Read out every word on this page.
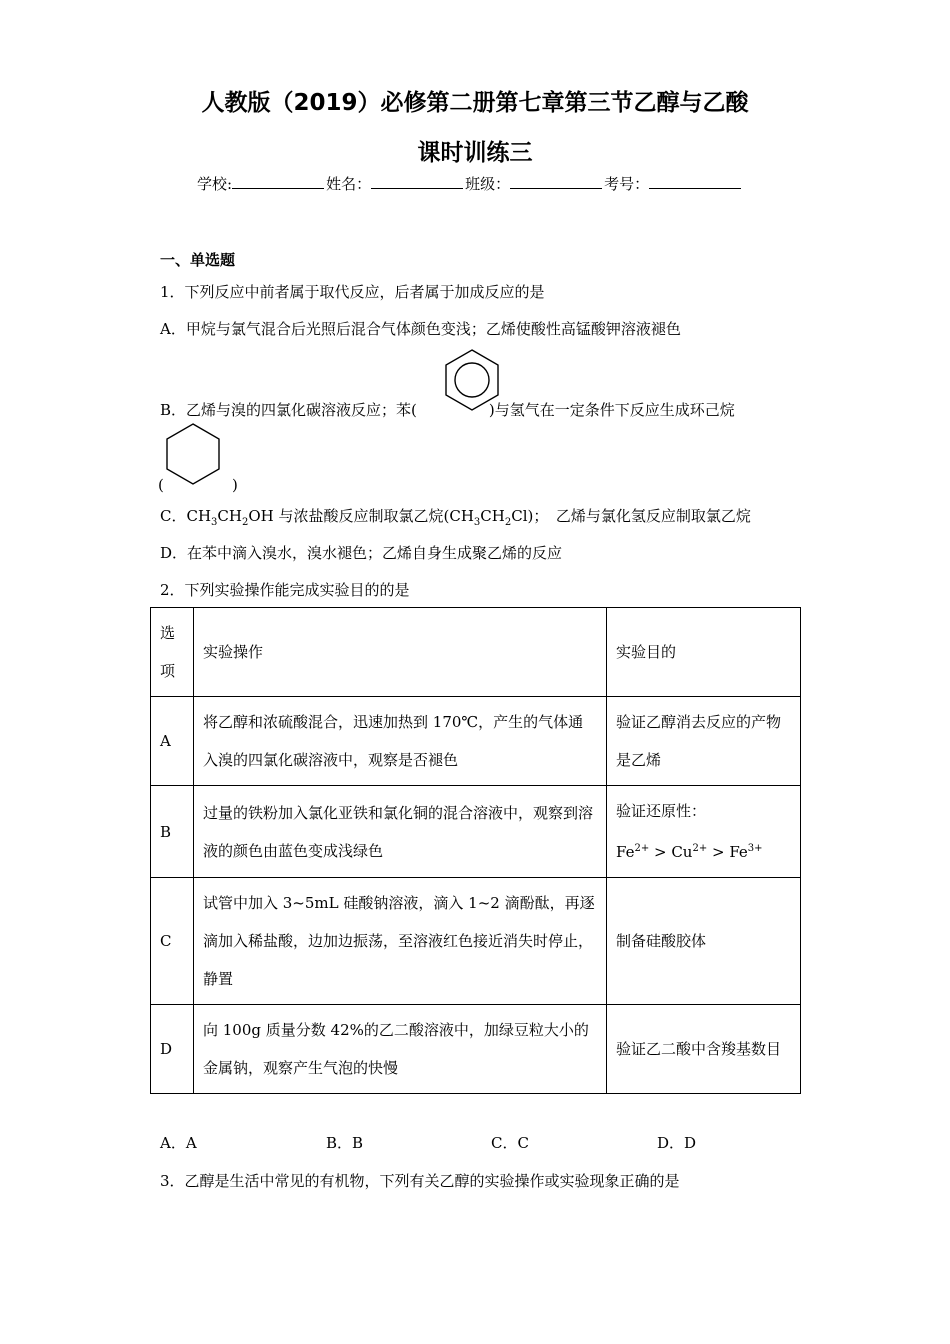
人教版（2019）必修第二册第七章第三节乙醇与乙酸
课时训练三
学校:	姓名：	班级：	考号：
一、单选题
1．下列反应中前者属于取代反应，后者属于加成反应的是
A．甲烷与氯气混合后光照后混合气体颜色变浅；乙烯使酸性高锰酸钾溶液褪色
B．乙烯与溴的四氯化碳溶液反应；苯(	)与氢气在一定条件下反应生成环己烷
(	)
C．$CH_3CH_2OH$ 与浓盐酸反应制取氯乙烷$(CH_3CH_2Cl)$；　乙烯与氯化氢反应制取氯乙烷
D．在苯中滴入溴水，溴水褪色；乙烯自身生成聚乙烯的反应
2．下列实验操作能完成实验目的的是
选
项	实验操作	实验目的
A	将乙醇和浓硫酸混合，迅速加热到 170℃，产生的气体通入溴的四氯化碳溶液中，观察是否褪色	验证乙醇消去反应的产物是乙烯
B	过量的铁粉加入氯化亚铁和氯化铜的混合溶液中，观察到溶液的颜色由蓝色变成浅绿色	验证还原性：
$Fe^{2+} > Cu^{2+} > Fe^{3+}$
C	试管中加入 3~5mL 硅酸钠溶液，滴入 1~2 滴酚酞，再逐滴加入稀盐酸，边加边振荡，至溶液红色接近消失时停止，静置	制备硅酸胶体
D	向 100g 质量分数 42%的乙二酸溶液中，加绿豆粒大小的金属钠，观察产生气泡的快慢	验证乙二酸中含羧基数目
A．A	B．B	C．C	D．D
3．乙醇是生活中常见的有机物，下列有关乙醇的实验操作或实验现象正确的是
